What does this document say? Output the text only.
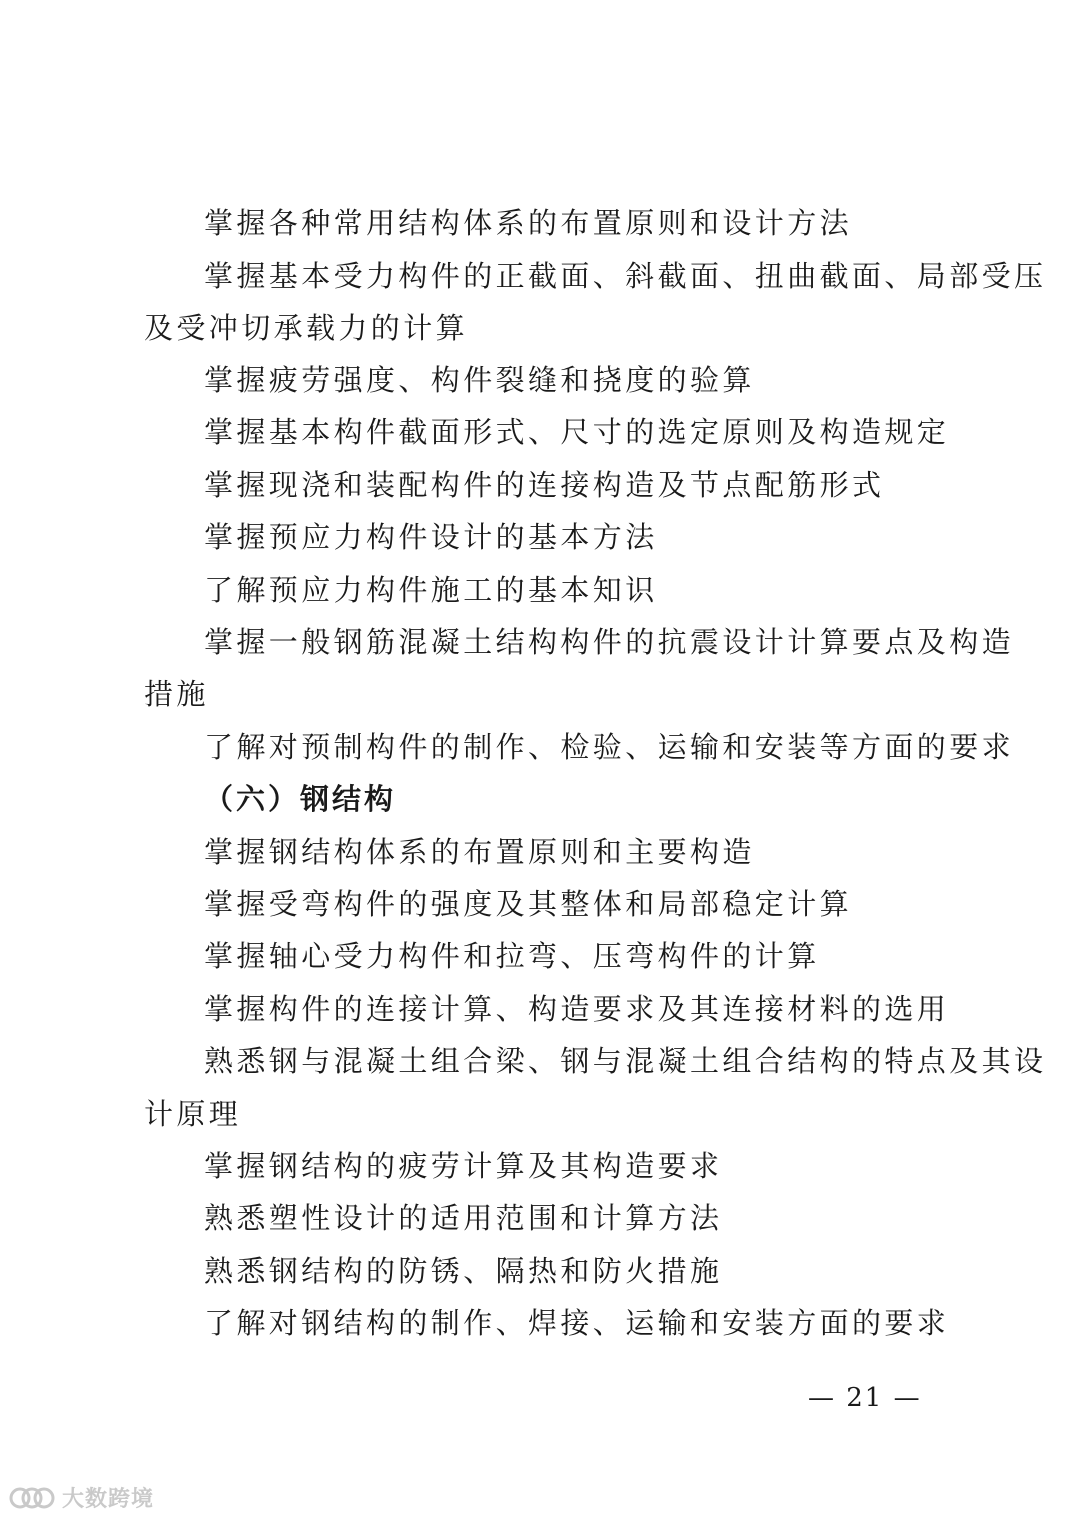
掌握各种常用结构体系的布置原则和设计方法

掌握基本受力构件的正截面、斜截面、扭曲截面、局部受压

及受冲切承载力的计算

掌握疲劳强度、构件裂缝和挠度的验算

掌握基本构件截面形式、尺寸的选定原则及构造规定

掌握现浇和装配构件的连接构造及节点配筋形式

掌握预应力构件设计的基本方法

了解预应力构件施工的基本知识

掌握一般钢筋混凝土结构构件的抗震设计计算要点及构造

措施

了解对预制构件的制作、检验、运输和安装等方面的要求

（六）钢结构

掌握钢结构体系的布置原则和主要构造

掌握受弯构件的强度及其整体和局部稳定计算

掌握轴心受力构件和拉弯、压弯构件的计算

掌握构件的连接计算、构造要求及其连接材料的选用

熟悉钢与混凝土组合梁、钢与混凝土组合结构的特点及其设

计原理

掌握钢结构的疲劳计算及其构造要求

熟悉塑性设计的适用范围和计算方法

熟悉钢结构的防锈、隔热和防火措施

了解对钢结构的制作、焊接、运输和安装方面的要求

— 21 —
大数跨境
